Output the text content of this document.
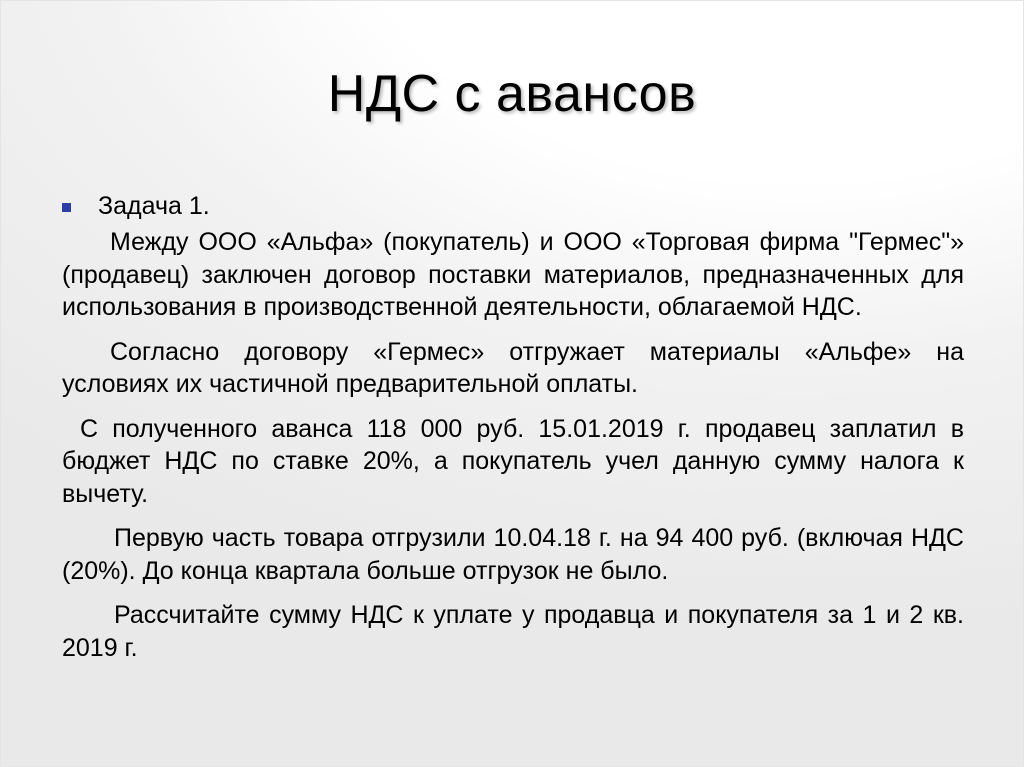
НДС с авансов
Задача 1.

Между ООО «Альфа» (покупатель) и ООО «Торговая фирма "Гермес"» (продавец) заключен договор поставки материалов, предназначенных для использования в производственной деятельности, облагаемой НДС.

Согласно договору «Гермес» отгружает материалы «Альфе» на условиях их частичной предварительной оплаты.

С полученного аванса 118 000 руб. 15.01.2019 г. продавец заплатил в бюджет НДС по ставке 20%, а покупатель учел данную сумму налога к вычету.

Первую часть товара отгрузили 10.04.18 г. на 94 400 руб. (включая НДС (20%). До конца квартала больше отгрузок не было.

Рассчитайте сумму НДС к уплате у продавца и покупателя за 1 и 2 кв. 2019 г.
